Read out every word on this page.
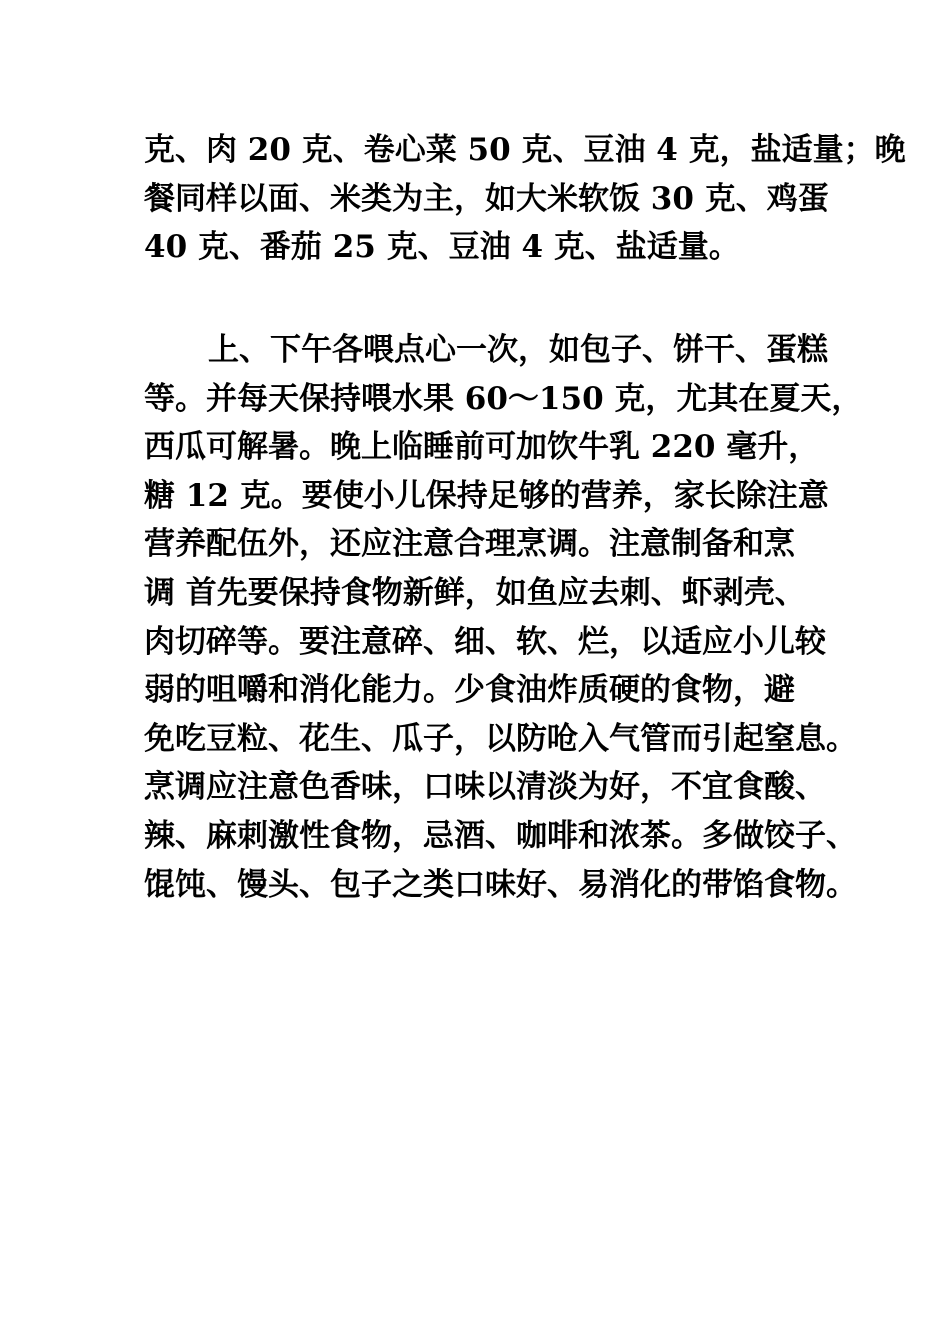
克、肉 20 克、卷心菜 50 克、豆油 4 克，盐适量；晚
餐同样以面、米类为主，如大米软饭 30 克、鸡蛋
40 克、番茄 25 克、豆油 4 克、盐适量。
上、下午各喂点心一次，如包子、饼干、蛋糕
等。并每天保持喂水果 60～150 克，尤其在夏天，
西瓜可解暑。晚上临睡前可加饮牛乳 220 毫升，
糖 12 克。要使小儿保持足够的营养，家长除注意
营养配伍外，还应注意合理烹调。注意制备和烹
调 首先要保持食物新鲜，如鱼应去刺、虾剥壳、
肉切碎等。要注意碎、细、软、烂，以适应小儿较
弱的咀嚼和消化能力。少食油炸质硬的食物，避
免吃豆粒、花生、瓜子，以防呛入气管而引起窒息。
烹调应注意色香味，口味以清淡为好，不宜食酸、
辣、麻刺激性食物，忌酒、咖啡和浓茶。多做饺子、
馄饨、馒头、包子之类口味好、易消化的带馅食物。
